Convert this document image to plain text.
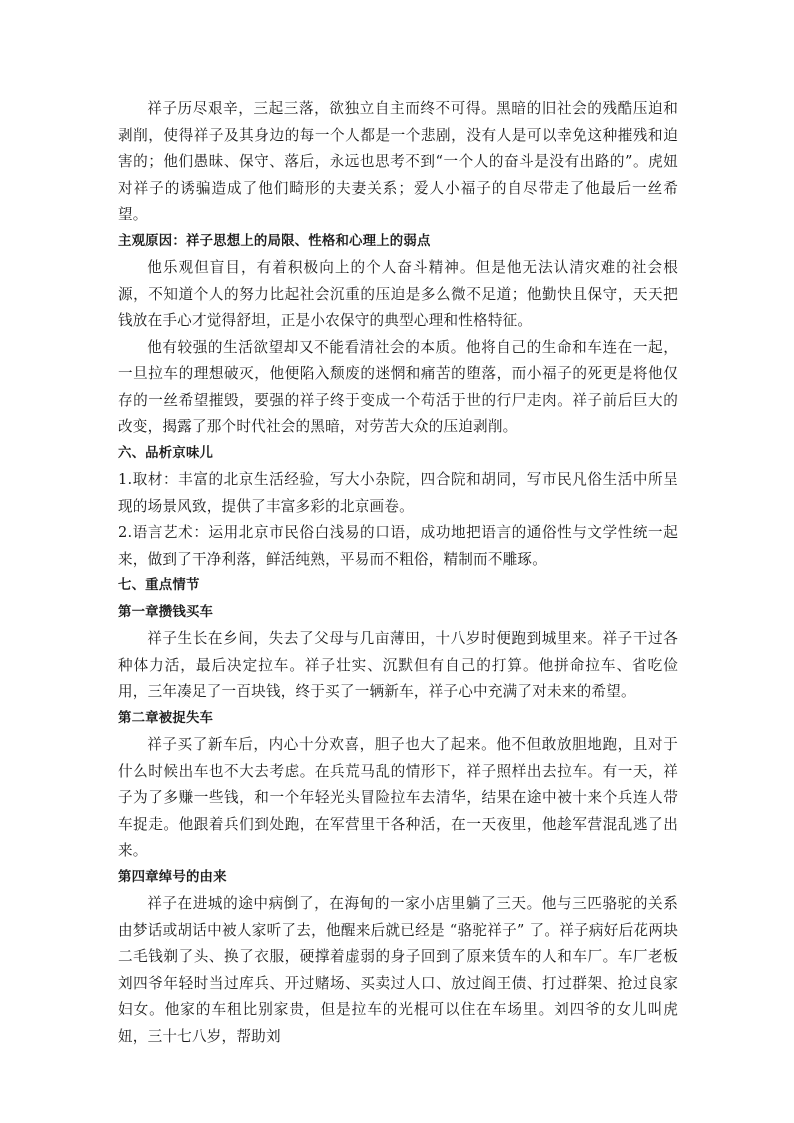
祥子历尽艰辛，三起三落，欲独立自主而终不可得。黑暗的旧社会的残酷压迫和剥削，使得祥子及其身边的每一个人都是一个悲剧，没有人是可以幸免这种摧残和迫害的；他们愚昧、保守、落后，永远也思考不到“一个人的奋斗是没有出路的”。虎妞对祥子的诱骗造成了他们畸形的夫妻关系；爱人小福子的自尽带走了他最后一丝希望。

主观原因：祥子思想上的局限、性格和心理上的弱点

他乐观但盲目，有着积极向上的个人奋斗精神。但是他无法认清灾难的社会根源，不知道个人的努力比起社会沉重的压迫是多么微不足道；他勤快且保守，天天把钱放在手心才觉得舒坦，正是小农保守的典型心理和性格特征。

他有较强的生活欲望却又不能看清社会的本质。他将自己的生命和车连在一起，一旦拉车的理想破灭，他便陷入颓废的迷惘和痛苦的堕落，而小福子的死更是将他仅存的一丝希望摧毁，要强的祥子终于变成一个苟活于世的行尸走肉。祥子前后巨大的改变，揭露了那个时代社会的黑暗，对劳苦大众的压迫剥削。

六、品析京味儿

1.取材：丰富的北京生活经验，写大小杂院，四合院和胡同，写市民凡俗生活中所呈现的场景风致，提供了丰富多彩的北京画卷。

2.语言艺术：运用北京市民俗白浅易的口语，成功地把语言的通俗性与文学性统一起来，做到了干净利落，鲜活纯熟，平易而不粗俗，精制而不雕琢。

七、重点情节

第一章攒钱买车

祥子生长在乡间，失去了父母与几亩薄田，十八岁时便跑到城里来。祥子干过各种体力活，最后决定拉车。祥子壮实、沉默但有自己的打算。他拼命拉车、省吃俭用，三年凑足了一百块钱，终于买了一辆新车，祥子心中充满了对未来的希望。

第二章被捉失车

祥子买了新车后，内心十分欢喜，胆子也大了起来。他不但敢放胆地跑，且对于什么时候出车也不大去考虑。在兵荒马乱的情形下，祥子照样出去拉车。有一天，祥子为了多赚一些钱，和一个年轻光头冒险拉车去清华，结果在途中被十来个兵连人带车捉走。他跟着兵们到处跑，在军营里干各种活，在一天夜里，他趁军营混乱逃了出来。

第四章绰号的由来

祥子在进城的途中病倒了，在海甸的一家小店里躺了三天。他与三匹骆驼的关系由梦话或胡话中被人家听了去，他醒来后就已经是 “骆驼祥子” 了。祥子病好后花两块二毛钱剃了头、换了衣服，硬撑着虚弱的身子回到了原来赁车的人和车厂。车厂老板刘四爷年轻时当过库兵、开过赌场、买卖过人口、放过阎王债、打过群架、抢过良家妇女。他家的车租比别家贵，但是拉车的光棍可以住在车场里。刘四爷的女儿叫虎妞，三十七八岁，帮助刘
